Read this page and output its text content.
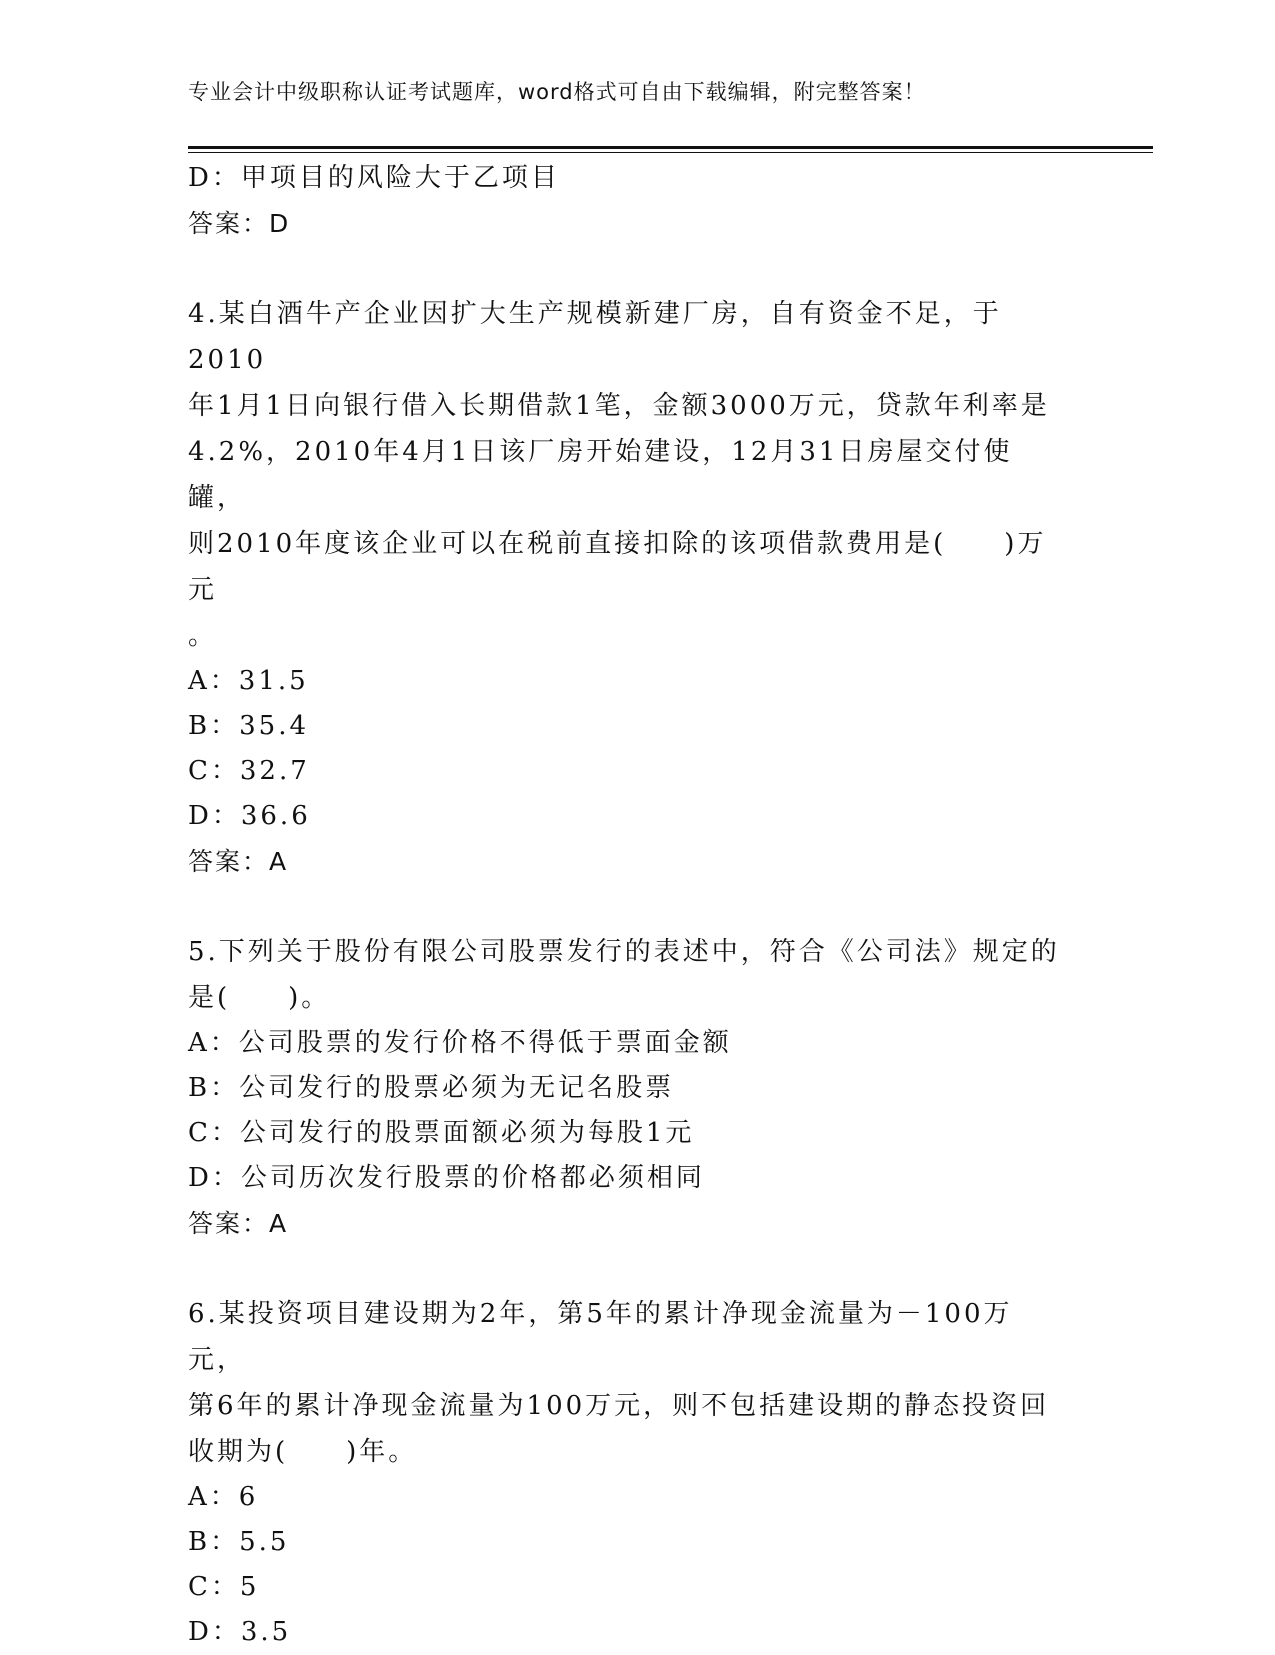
专业会计中级职称认证考试题库，word格式可自由下载编辑，附完整答案！
D：甲项目的风险大于乙项目
答案：D
4.某白酒牛产企业因扩大生产规模新建厂房，自有资金不足，于2010
年1月1日向银行借入长期借款1笔，金额3000万元，贷款年利率是
4.2%，2010年4月1日该厂房开始建设，12月31日房屋交付使罐，
则2010年度该企业可以在税前直接扣除的该项借款费用是(　　)万元
。
A：31.5
B：35.4
C：32.7
D：36.6
答案：A
5.下列关于股份有限公司股票发行的表述中，符合《公司法》规定的
是(　　)。
A：公司股票的发行价格不得低于票面金额
B：公司发行的股票必须为无记名股票
C：公司发行的股票面额必须为每股1元
D：公司历次发行股票的价格都必须相同
答案：A
6.某投资项目建设期为2年，第5年的累计净现金流量为－100万元，
第6年的累计净现金流量为100万元，则不包括建设期的静态投资回
收期为(　　)年。
A：6
B：5.5
C：5
D：3.5
